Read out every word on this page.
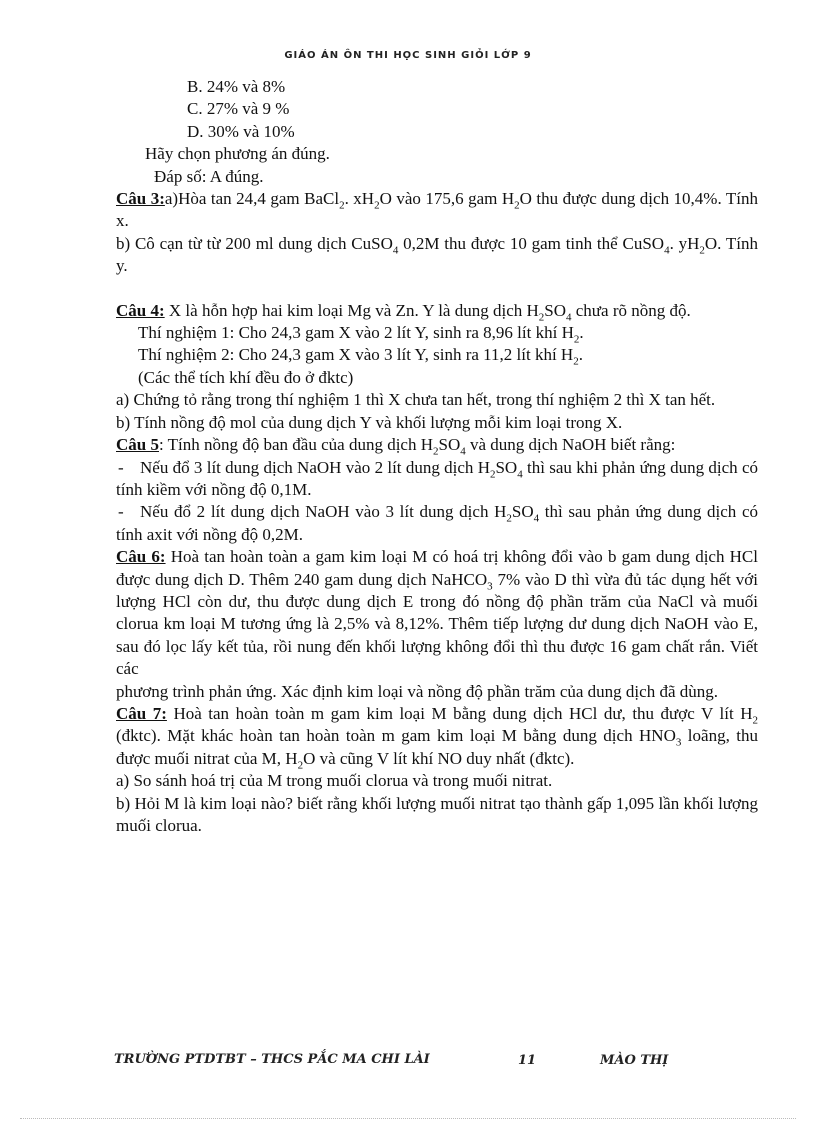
GIÁO ÁN ÔN THI HỌC SINH GIỎI LỚP 9
B. 24% và 8%
C. 27% và 9 %
D. 30% và 10%
Hãy chọn phương án đúng.
Đáp số: A đúng.
Câu 3:a)Hòa tan 24,4 gam BaCl$_2$. $xH_2O$ vào 175,6 gam $H_2O$ thu được dung dịch 10,4%. Tính x.
b) Cô cạn từ từ 200 ml dung dịch CuSO$_4$ 0,2M thu được 10 gam tinh thể CuSO$_4$. $yH_2O$. Tính y.
Câu 4: X là hỗn hợp hai kim loại Mg và Zn. Y là dung dịch $H_2SO_4$ chưa rõ nồng độ.
Thí nghiệm 1: Cho 24,3 gam X vào 2 lít Y, sinh ra 8,96 lít khí $H_2$.
Thí nghiệm 2: Cho 24,3 gam X vào 3 lít Y, sinh ra 11,2 lít khí $H_2$.
(Các thể tích khí đều đo ở đktc)
a) Chứng tỏ rằng trong thí nghiệm 1 thì X chưa tan hết, trong thí nghiệm 2 thì X tan hết.
b) Tính nồng độ mol của dung dịch Y và khối lượng mỗi kim loại trong X.
Câu 5: Tính nồng độ ban đầu của dung dịch $H_2SO_4$ và dung dịch NaOH biết rằng:
- Nếu đổ 3 lít dung dịch NaOH vào 2 lít dung dịch $H_2SO_4$ thì sau khi phản ứng dung dịch có tính kiềm với nồng độ 0,1M.
- Nếu đổ 2 lít dung dịch NaOH vào 3 lít dung dịch $H_2SO_4$ thì sau phản ứng dung dịch có tính axit với nồng độ 0,2M.
Câu 6: Hoà tan hoàn toàn a gam kim loại M có hoá trị không đổi vào b gam dung dịch HCl được dung dịch D. Thêm 240 gam dung dịch NaHCO$_3$ 7% vào D thì vừa đủ tác dụng hết với lượng HCl còn dư, thu được dung dịch E trong đó nồng độ phần trăm của NaCl và muối clorua km loại M tương ứng là 2,5% và 8,12%. Thêm tiếp lượng dư dung dịch NaOH vào E, sau đó lọc lấy kết tủa, rồi nung đến khối lượng không đổi thì thu được 16 gam chất rắn. Viết các
phương trình phản ứng. Xác định kim loại và nồng độ phần trăm của dung dịch đã dùng.
Câu 7: Hoà tan hoàn toàn m gam kim loại M bằng dung dịch HCl dư, thu được V lít $H_2$ (đktc). Mặt khác hoàn tan hoàn toàn m gam kim loại M bằng dung dịch $HNO_3$ loãng, thu được muối nitrat của M, $H_2O$ và cũng V lít khí NO duy nhất (đktc).
a) So sánh hoá trị của M trong muối clorua và trong muối nitrat.
b) Hỏi M là kim loại nào? biết rằng khối lượng muối nitrat tạo thành gấp 1,095 lần khối lượng muối clorua.
TRƯỜNG PTDTBT – THCS PẮC MA CHI LÀI	11	MÀO THỊ
